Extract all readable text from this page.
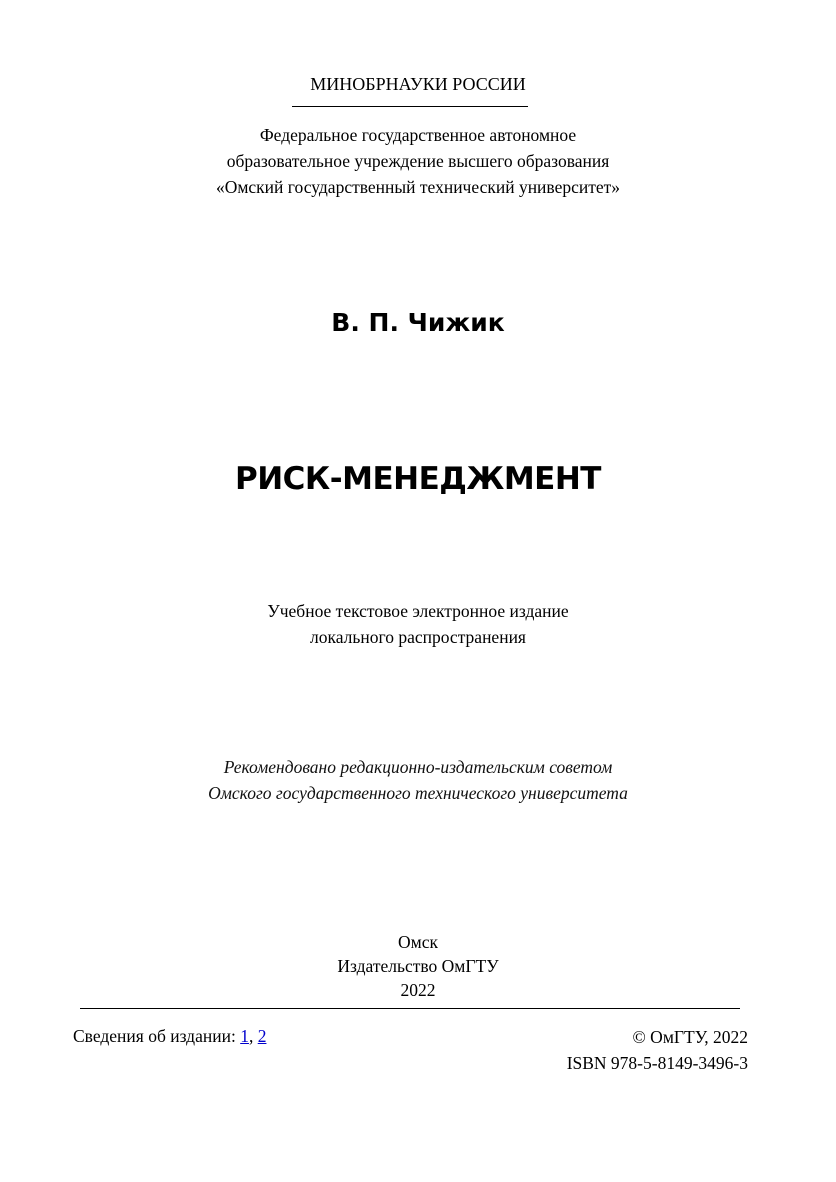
МИНОБРНАУКИ РОССИИ
Федеральное государственное автономное
образовательное учреждение высшего образования
«Омский государственный технический университет»
В. П. Чижик
РИСК-МЕНЕДЖМЕНТ
Учебное текстовое электронное издание
локального распространения
Рекомендовано редакционно-издательским советом
Омского государственного технического университета
Омск
Издательство ОмГТУ
2022
Сведения об издании: 1, 2	© ОмГТУ, 2022
ISBN 978-5-8149-3496-3
